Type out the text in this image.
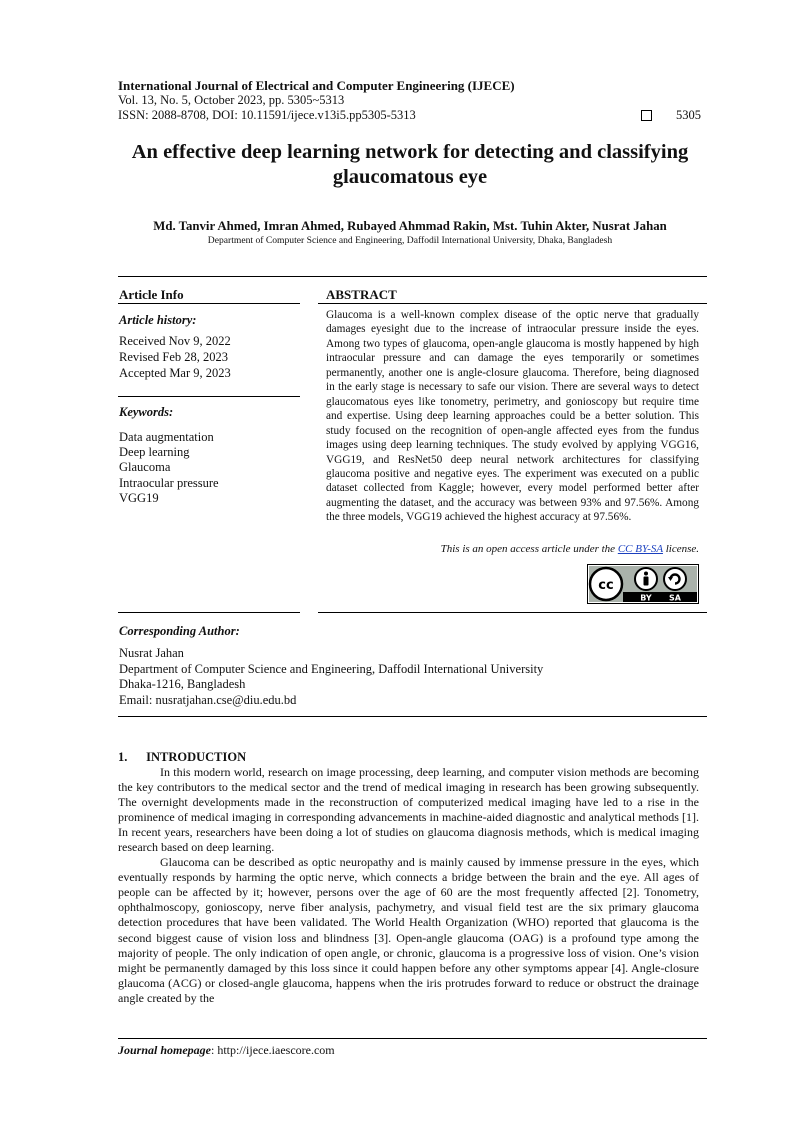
International Journal of Electrical and Computer Engineering (IJECE)
Vol. 13, No. 5, October 2023, pp. 5305~5313
ISSN: 2088-8708, DOI: 10.11591/ijece.v13i5.pp5305-5313	5305
An effective deep learning network for detecting and classifying glaucomatous eye
Md. Tanvir Ahmed, Imran Ahmed, Rubayed Ahmmad Rakin, Mst. Tuhin Akter, Nusrat Jahan
Department of Computer Science and Engineering, Daffodil International University, Dhaka, Bangladesh
Article Info
Article history:
Received Nov 9, 2022
Revised Feb 28, 2023
Accepted Mar 9, 2023
Keywords:
Data augmentation
Deep learning
Glaucoma
Intraocular pressure
VGG19
ABSTRACT
Glaucoma is a well-known complex disease of the optic nerve that gradually damages eyesight due to the increase of intraocular pressure inside the eyes. Among two types of glaucoma, open-angle glaucoma is mostly happened by high intraocular pressure and can damage the eyes temporarily or sometimes permanently, another one is angle-closure glaucoma. Therefore, being diagnosed in the early stage is necessary to safe our vision. There are several ways to detect glaucomatous eyes like tonometry, perimetry, and gonioscopy but require time and expertise. Using deep learning approaches could be a better solution. This study focused on the recognition of open-angle affected eyes from the fundus images using deep learning techniques. The study evolved by applying VGG16, VGG19, and ResNet50 deep neural network architectures for classifying glaucoma positive and negative eyes. The experiment was executed on a public dataset collected from Kaggle; however, every model performed better after augmenting the dataset, and the accuracy was between 93% and 97.56%. Among the three models, VGG19 achieved the highest accuracy at 97.56%.
This is an open access article under the CC BY-SA license.
cc
BY SA
Corresponding Author:
Nusrat Jahan
Department of Computer Science and Engineering, Daffodil International University
Dhaka-1216, Bangladesh
Email: nusratjahan.cse@diu.edu.bd
1.      INTRODUCTION

In this modern world, research on image processing, deep learning, and computer vision methods are becoming the key contributors to the medical sector and the trend of medical imaging in research has been growing subsequently. The overnight developments made in the reconstruction of computerized medical imaging have led to a rise in the prominence of medical imaging in corresponding advancements in machine-aided diagnostic and analytical methods [1]. In recent years, researchers have been doing a lot of studies on glaucoma diagnosis methods, which is medical imaging research based on deep learning.

Glaucoma can be described as optic neuropathy and is mainly caused by immense pressure in the eyes, which eventually responds by harming the optic nerve, which connects a bridge between the brain and the eye. All ages of people can be affected by it; however, persons over the age of 60 are the most frequently affected [2]. Tonometry, ophthalmoscopy, gonioscopy, nerve fiber analysis, pachymetry, and visual field test are the six primary glaucoma detection procedures that have been validated. The World Health Organization (WHO) reported that glaucoma is the second biggest cause of vision loss and blindness [3]. Open-angle glaucoma (OAG) is a profound type among the majority of people. The only indication of open angle, or chronic, glaucoma is a progressive loss of vision. One’s vision might be permanently damaged by this loss since it could happen before any other symptoms appear [4]. Angle-closure glaucoma (ACG) or closed-angle glaucoma, happens when the iris protrudes forward to reduce or obstruct the drainage angle created by the

Journal homepage: http://ijece.iaescore.com
